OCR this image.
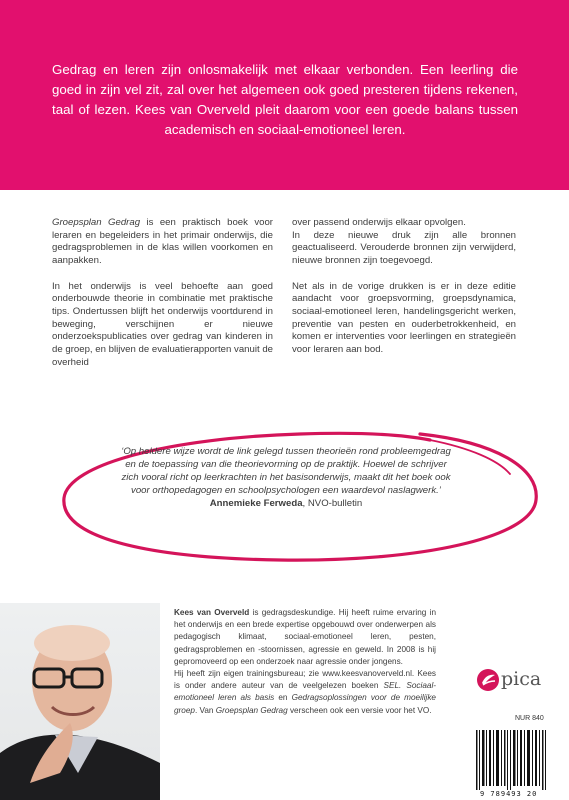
Gedrag en leren zijn onlosmakelijk met elkaar verbonden. Een leerling die goed in zijn vel zit, zal over het algemeen ook goed presteren tijdens rekenen, taal of lezen. Kees van Overveld pleit daarom voor een goede balans tussen academisch en sociaal-emotioneel leren.

Groepsplan Gedrag is een praktisch boek voor leraren en begeleiders in het primair onderwijs, die gedragsproblemen in de klas willen voorkomen en aanpakken.

In het onderwijs is veel behoefte aan goed onderbouwde theorie in combinatie met praktische tips. Ondertussen blijft het onderwijs voortdurend in beweging, verschijnen er nieuwe onderzoekspublicaties over gedrag van kinderen in de groep, en blijven de evaluatierapporten vanuit de overheid

over passend onderwijs elkaar opvolgen.

In deze nieuwe druk zijn alle bronnen geactualiseerd. Verouderde bronnen zijn verwijderd, nieuwe bronnen zijn toegevoegd.

Net als in de vorige drukken is er in deze editie aandacht voor groepsvorming, groepsdynamica, sociaal-emotioneel leren, handelingsgericht werken, preventie van pesten en ouderbetrokkenheid, en komen er interventies voor leerlingen en strategieën voor leraren aan bod.

‘Op heldere wijze wordt de link gelegd tussen theorieën rond probleemgedrag en de toepassing van die theorievorming op de praktijk. Hoewel de schrijver zich vooral richt op leerkrachten in het basisonderwijs, maakt dit het boek ook voor orthopedagogen en schoolpsychologen een waardevol naslagwerk.’
Annemieke Ferweda, NVO-bulletin

Kees van Overveld is gedragsdeskundige. Hij heeft ruime ervaring in het onderwijs en een brede expertise opgebouwd over onderwerpen als pedagogisch klimaat, sociaal-emotioneel leren, pesten, gedragsproblemen en -stoornissen, agressie en geweld. In 2008 is hij gepromoveerd op een onderzoek naar agressie onder jongens.

Hij heeft zijn eigen trainingsbureau; zie www.keesvanoverveld.nl. Kees is onder andere auteur van de veelgelezen boeken SEL. Sociaal-emotioneel leren als basis en Gedragsoplossingen voor de moeilijke groep. Van Groepsplan Gedrag verscheen ook een versie voor het VO.

pica
NUR 840
9 789493 20
